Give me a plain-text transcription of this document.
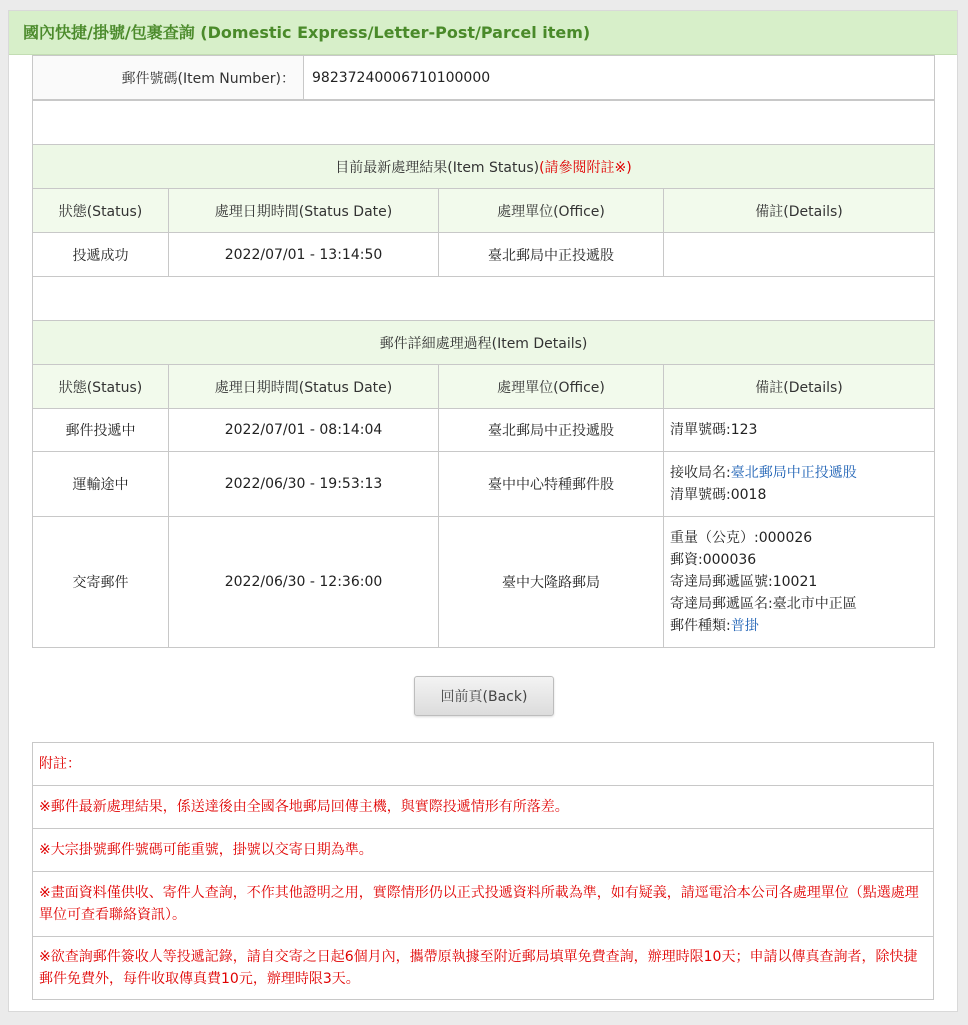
國內快捷/掛號/包裹查詢 (Domestic Express/Letter-Post/Parcel item)
郵件號碼(Item Number)：	98237240006710100000

目前最新處理結果(Item Status)(請參閱附註※)			
狀態(Status)	處理日期時間(Status Date)	處理單位(Office)	備註(Details)
投遞成功	2022/07/01 - 13:14:50	臺北郵局中正投遞股	

郵件詳細處理過程(Item Details)			
狀態(Status)	處理日期時間(Status Date)	處理單位(Office)	備註(Details)
郵件投遞中	2022/07/01 - 08:14:04	臺北郵局中正投遞股	清單號碼:123

運輸途中	2022/06/30 - 19:53:13	臺中中心特種郵件股	接收局名:臺北郵局中正投遞股
清單號碼:0018

交寄郵件	2022/06/30 - 12:36:00	臺中大隆路郵局	重量（公克）:000026
郵資:000036
寄達局郵遞區號:10021
寄達局郵遞區名:臺北市中正區
郵件種類:普掛
回前頁(Back)
附註：
※郵件最新處理結果，係送達後由全國各地郵局回傳主機，與實際投遞情形有所落差。
※大宗掛號郵件號碼可能重號，掛號以交寄日期為準。
※畫面資料僅供收、寄件人查詢，不作其他證明之用，實際情形仍以正式投遞資料所載為準，如有疑義，請逕電洽本公司各處理單位（點選處理單位可查看聯絡資訊）。
※欲查詢郵件簽收人等投遞記錄，請自交寄之日起6個月內，攜帶原執據至附近郵局填單免費查詢，辦理時限10天；申請以傳真查詢者，除快捷郵件免費外，每件收取傳真費10元，辦理時限3天。
